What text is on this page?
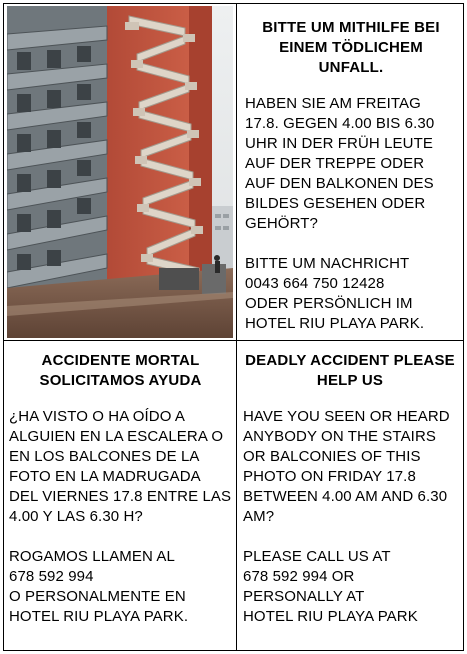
BITTE UM MITHILFE BEI EINEM TÖDLICHEM UNFALL.

HABEN SIE AM FREITAG 17.8. GEGEN 4.00 BIS 6.30 UHR IN DER FRÜH LEUTE AUF DER TREPPE ODER AUF DEN BALKONEN DES BILDES GESEHEN ODER GEHÖRT?

BITTE UM NACHRICHT
0043 664 750 12428
ODER PERSÖNLICH IM HOTEL RIU PLAYA PARK.

ACCIDENTE MORTAL SOLICITAMOS AYUDA

¿HA VISTO O HA OÍDO A ALGUIEN EN LA ESCALERA O EN LOS BALCONES DE LA FOTO EN LA MADRUGADA DEL VIERNES 17.8 ENTRE LAS 4.00 Y LAS 6.30 H?

ROGAMOS LLAMEN AL
678 592 994
O PERSONALMENTE EN HOTEL RIU PLAYA PARK.

DEADLY ACCIDENT PLEASE HELP US

HAVE YOU SEEN OR HEARD ANYBODY ON THE STAIRS OR BALCONIES OF THIS PHOTO ON FRIDAY 17.8 BETWEEN 4.00 AM AND 6.30 AM?

PLEASE CALL US AT
678 592 994 OR
PERSONALLY AT
HOTEL RIU PLAYA PARK
